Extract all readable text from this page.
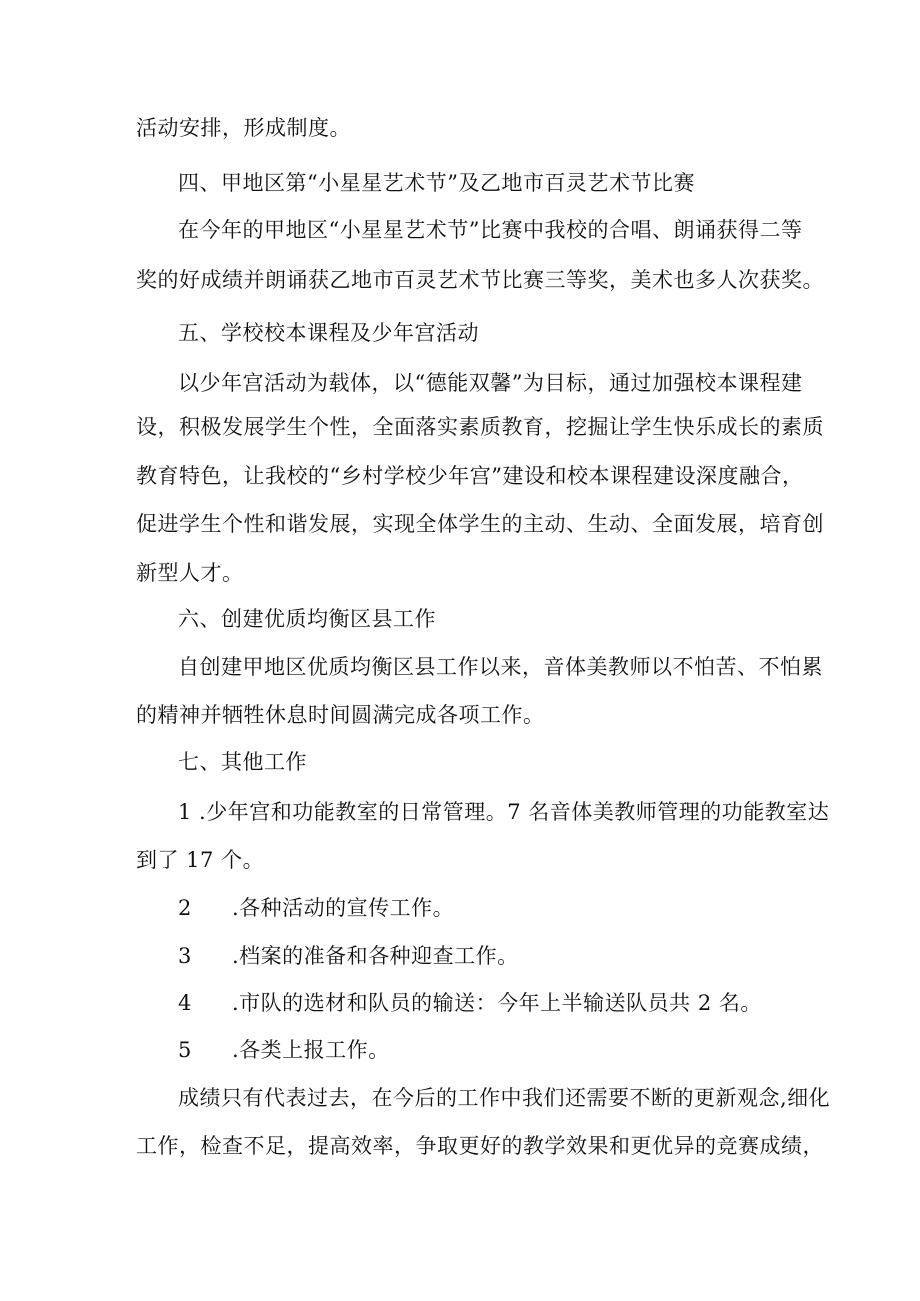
活动安排，形成制度。
四、甲地区第“小星星艺术节”及乙地市百灵艺术节比赛
在今年的甲地区“小星星艺术节”比赛中我校的合唱、朗诵获得二等
奖的好成绩并朗诵获乙地市百灵艺术节比赛三等奖，美术也多人次获奖。
五、学校校本课程及少年宫活动
以少年宫活动为载体，以“德能双馨”为目标，通过加强校本课程建
设，积极发展学生个性，全面落实素质教育，挖掘让学生快乐成长的素质
教育特色，让我校的“乡村学校少年宫”建设和校本课程建设深度融合，
促进学生个性和谐发展，实现全体学生的主动、生动、全面发展，培育创
新型人才。
六、创建优质均衡区县工作
自创建甲地区优质均衡区县工作以来，音体美教师以不怕苦、不怕累
的精神并牺牲休息时间圆满完成各项工作。
七、其他工作
1 .少年宫和功能教室的日常管理。7 名音体美教师管理的功能教室达
到了 17 个。
2 .各种活动的宣传工作。
3 .档案的准备和各种迎查工作。
4 .市队的选材和队员的输送：今年上半输送队员共 2 名。
5 .各类上报工作。
成绩只有代表过去，在今后的工作中我们还需要不断的更新观念,细化
工作，检查不足，提高效率，争取更好的教学效果和更优异的竞赛成绩，
